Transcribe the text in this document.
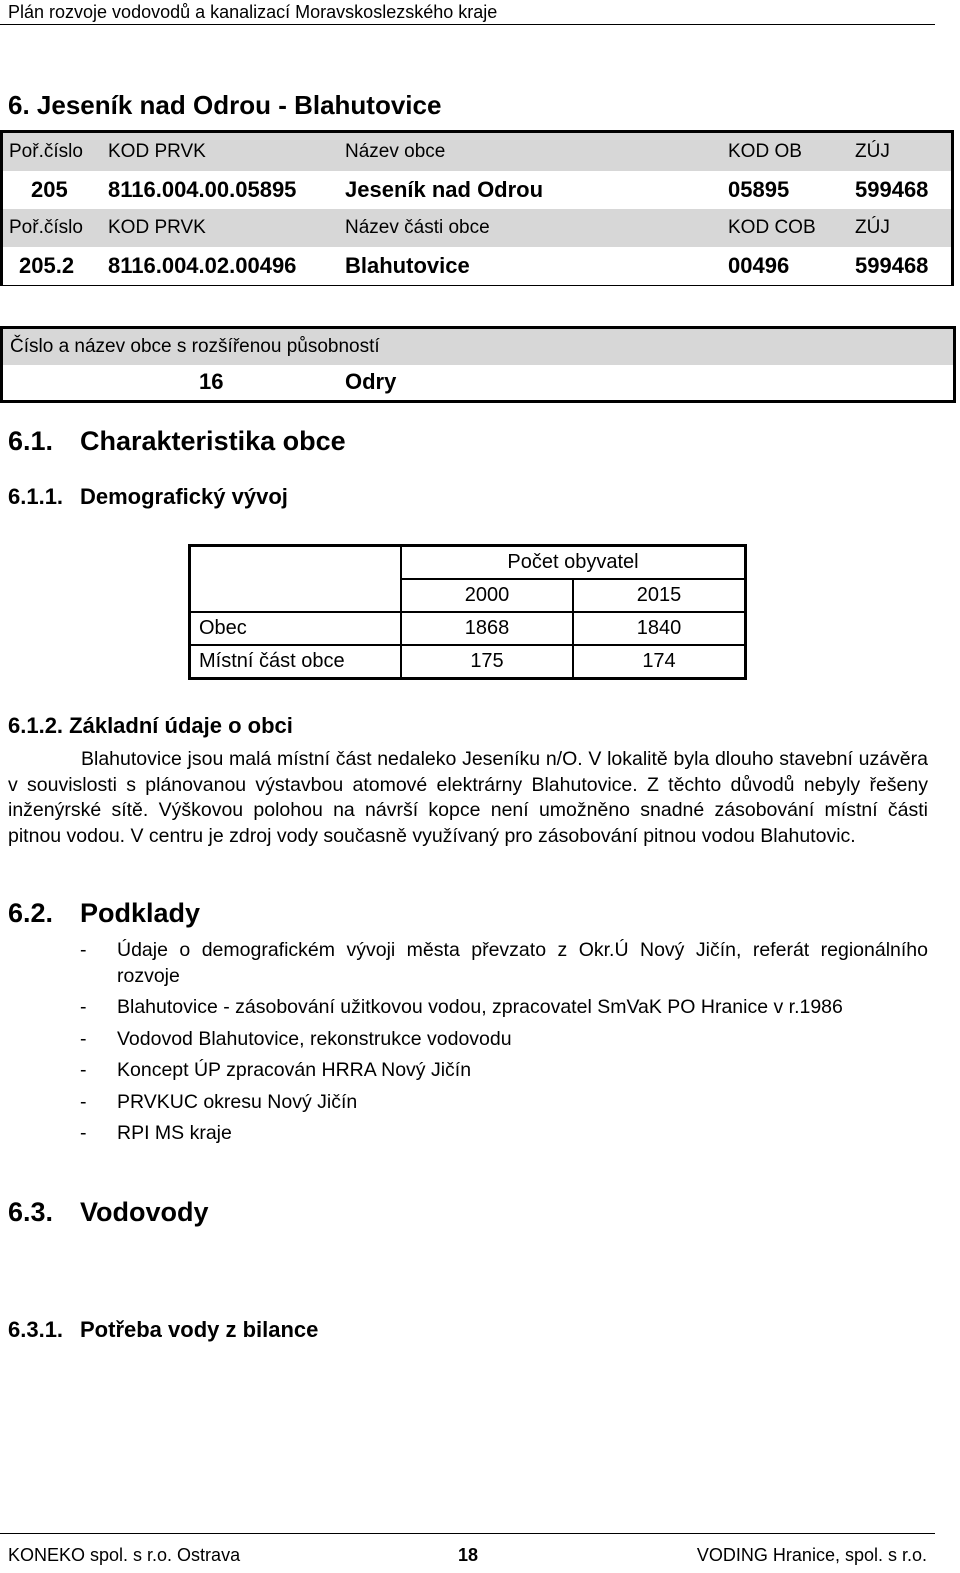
Plán rozvoje vodovodů a kanalizací Moravskoslezského kraje
6. Jeseník nad Odrou - Blahutovice
Poř.číslo KOD PRVK	Název obce	KOD OB	ZÚJ
205 8116.004.00.05895 Jeseník nad Odrou	05895	599468
Poř.číslo KOD PRVK	Název části obce	KOD COB ZÚJ
205.2 8116.004.02.00496 Blahutovice	00496	599468
Číslo a název obce s rozšířenou působností
16	Odry
6.1. Charakteristika obce
6.1.1. Demografický vývoj
	Počet obyvatel	
	2000	2015
Obec	1868	1840
Místní část obce	175	174
6.1.2. Základní údaje o obci
Blahutovice jsou malá místní část nedaleko Jeseníku n/O. V lokalitě byla dlouho stavební uzávěra v souvislosti s plánovanou výstavbou atomové elektrárny Blahutovice. Z těchto důvodů nebyly řešeny inženýrské sítě. Výškovou polohou na návrší kopce není umožněno snadné zásobování místní části pitnou vodou. V centru je zdroj vody současně využívaný pro zásobování pitnou vodou Blahutovic.
6.2. Podklady
- Údaje o demografickém vývoji města převzato z Okr.Ú Nový Jičín, referát regionálního rozvoje
- Blahutovice - zásobování užitkovou vodou, zpracovatel SmVaK PO Hranice v r.1986
- Vodovod Blahutovice, rekonstrukce vodovodu
- Koncept ÚP zpracován HRRA Nový Jičín
- PRVKUC okresu Nový Jičín
- RPI MS kraje
6.3. Vodovody
6.3.1. Potřeba vody z bilance
KONEKO spol. s r.o. Ostrava	18	VODING Hranice, spol. s r.o.
